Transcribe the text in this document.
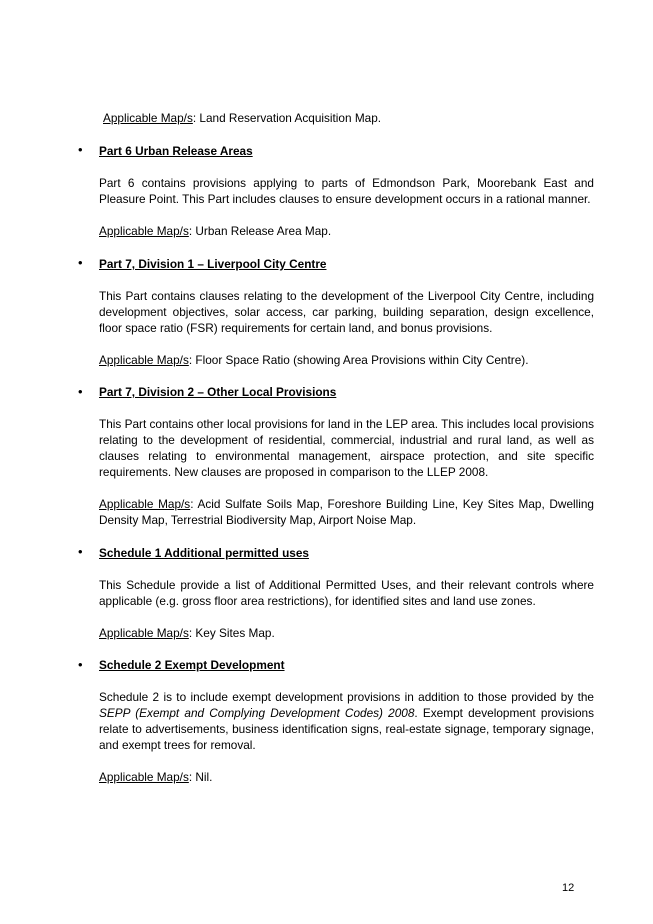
Applicable Map/s: Land Reservation Acquisition Map.
• Part 6 Urban Release Areas
Part 6 contains provisions applying to parts of Edmondson Park, Moorebank East and Pleasure Point. This Part includes clauses to ensure development occurs in a rational manner.
Applicable Map/s: Urban Release Area Map.
• Part 7, Division 1 – Liverpool City Centre
This Part contains clauses relating to the development of the Liverpool City Centre, including development objectives, solar access, car parking, building separation, design excellence, floor space ratio (FSR) requirements for certain land, and bonus provisions.
Applicable Map/s: Floor Space Ratio (showing Area Provisions within City Centre).
• Part 7, Division 2 – Other Local Provisions
This Part contains other local provisions for land in the LEP area. This includes local provisions relating to the development of residential, commercial, industrial and rural land, as well as clauses relating to environmental management, airspace protection, and site specific requirements. New clauses are proposed in comparison to the LLEP 2008.
Applicable Map/s: Acid Sulfate Soils Map, Foreshore Building Line, Key Sites Map, Dwelling Density Map, Terrestrial Biodiversity Map, Airport Noise Map.
• Schedule 1 Additional permitted uses
This Schedule provide a list of Additional Permitted Uses, and their relevant controls where applicable (e.g. gross floor area restrictions), for identified sites and land use zones.
Applicable Map/s: Key Sites Map.
• Schedule 2 Exempt Development
Schedule 2 is to include exempt development provisions in addition to those provided by the SEPP (Exempt and Complying Development Codes) 2008. Exempt development provisions relate to advertisements, business identification signs, real-estate signage, temporary signage, and exempt trees for removal.
Applicable Map/s: Nil.
12
